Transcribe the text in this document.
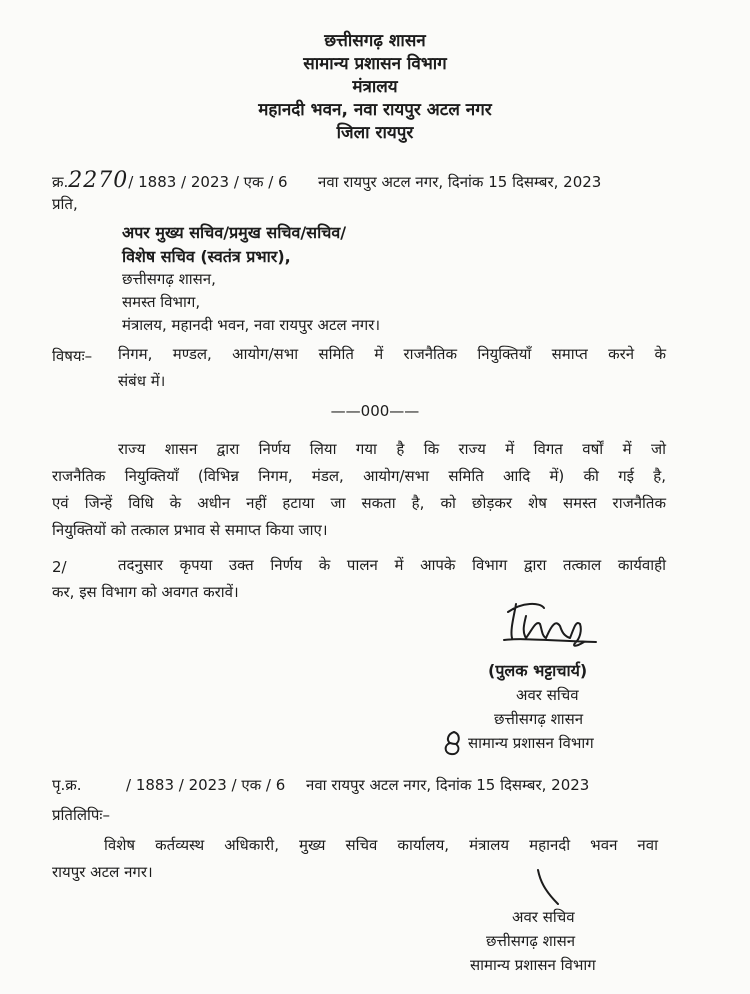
छत्तीसगढ़ शासन
सामान्य प्रशासन विभाग
मंत्रालय
महानदी भवन, नवा रायपुर अटल नगर
जिला रायपुर
क्र.2270/ 1883 / 2023 / एक / 6 नवा रायपुर अटल नगर, दिनांक 15 दिसम्बर, 2023
प्रति,
अपर मुख्य सचिव/प्रमुख सचिव/सचिव/
विशेष सचिव (स्वतंत्र प्रभार),
छत्तीसगढ़ शासन,
समस्त विभाग,
मंत्रालय, महानदी भवन, नवा रायपुर अटल नगर।
विषयः– निगम, मण्डल, आयोग/सभा समिति में राजनैतिक नियुक्तियाँ समाप्त करने के
संबंध में।
——000——
राज्य शासन द्वारा निर्णय लिया गया है कि राज्य में विगत वर्षों में जो
राजनैतिक नियुक्तियाँ (विभिन्न निगम, मंडल, आयोग/सभा समिति आदि में) की गई है,
एवं जिन्हें विधि के अधीन नहीं हटाया जा सकता है, को छोड़कर शेष समस्त राजनैतिक
नियुक्तियों को तत्काल प्रभाव से समाप्त किया जाए।
2/	तदनुसार कृपया उक्त निर्णय के पालन में आपके विभाग द्वारा तत्काल कार्यवाही
कर, इस विभाग को अवगत करावें।
(पुलक भट्टाचार्य)
अवर सचिव
छत्तीसगढ़ शासन
सामान्य प्रशासन विभाग
पृ.क्र.	/ 1883 / 2023 / एक / 6 नवा रायपुर अटल नगर, दिनांक 15 दिसम्बर, 2023
प्रतिलिपिः–
विशेष कर्तव्यस्थ अधिकारी, मुख्य सचिव कार्यालय, मंत्रालय महानदी भवन नवा
रायपुर अटल नगर।
अवर सचिव
छत्तीसगढ़ शासन
सामान्य प्रशासन विभाग
